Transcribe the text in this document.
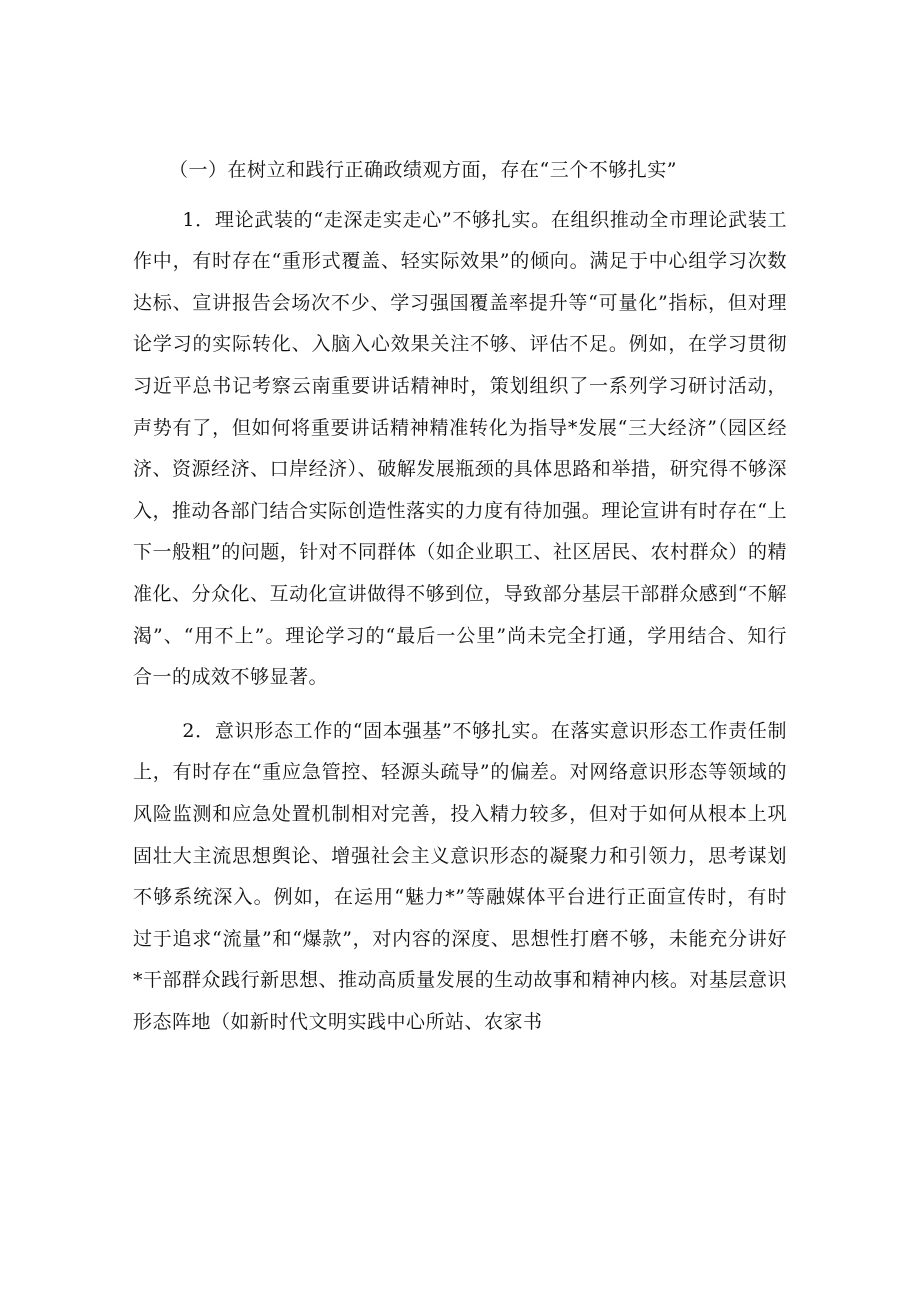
（一）在树立和践行正确政绩观方面，存在“三个不够扎实”

1．理论武装的“走深走实走心”不够扎实。在组织推动全市理论武装工作中，有时存在“重形式覆盖、轻实际效果”的倾向。满足于中心组学习次数达标、宣讲报告会场次不少、学习强国覆盖率提升等“可量化”指标，但对理论学习的实际转化、入脑入心效果关注不够、评估不足。例如，在学习贯彻习近平总书记考察云南重要讲话精神时，策划组织了一系列学习研讨活动，声势有了，但如何将重要讲话精神精准转化为指导*发展“三大经济”（园区经济、资源经济、口岸经济）、破解发展瓶颈的具体思路和举措，研究得不够深入，推动各部门结合实际创造性落实的力度有待加强。理论宣讲有时存在“上下一般粗”的问题，针对不同群体（如企业职工、社区居民、农村群众）的精准化、分众化、互动化宣讲做得不够到位，导致部分基层干部群众感到“不解渴”、“用不上”。理论学习的“最后一公里”尚未完全打通，学用结合、知行合一的成效不够显著。

2．意识形态工作的“固本强基”不够扎实。在落实意识形态工作责任制上，有时存在“重应急管控、轻源头疏导”的偏差。对网络意识形态等领域的风险监测和应急处置机制相对完善，投入精力较多，但对于如何从根本上巩固壮大主流思想舆论、增强社会主义意识形态的凝聚力和引领力，思考谋划不够系统深入。例如，在运用“魅力*”等融媒体平台进行正面宣传时，有时过于追求“流量”和“爆款”，对内容的深度、思想性打磨不够，未能充分讲好*干部群众践行新思想、推动高质量发展的生动故事和精神内核。对基层意识形态阵地（如新时代文明实践中心所站、农家书
